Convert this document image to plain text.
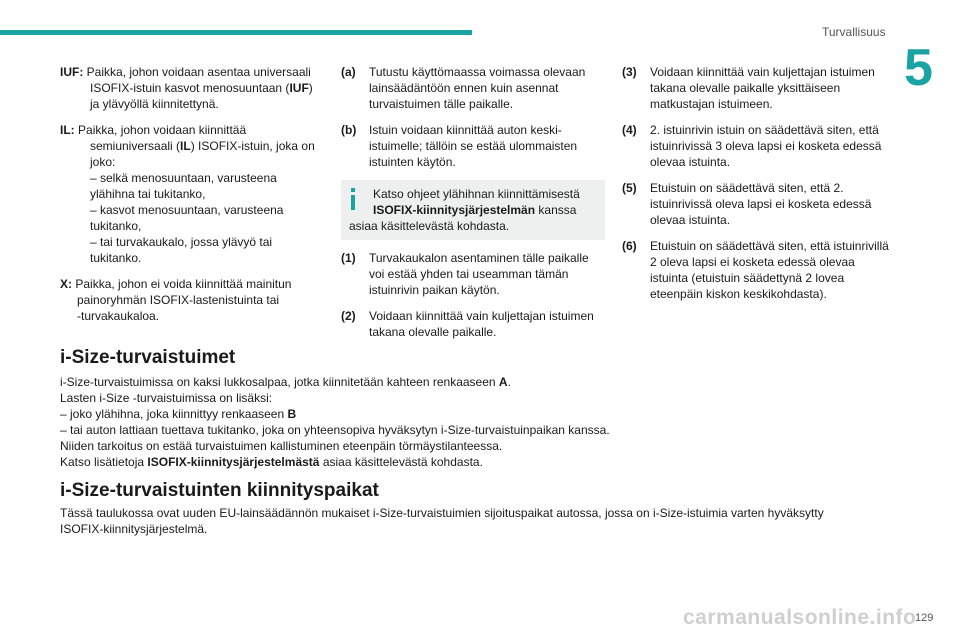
Turvallisuus
5
IUF: Paikka, johon voidaan asentaa universaali
ISOFIX-istuin kasvot menosuuntaan (IUF)
ja ylävyöllä kiinnitettynä.
IL: Paikka, johon voidaan kiinnittää
semiuniversaali (IL) ISOFIX-istuin, joka on
joko:
– selkä menosuuntaan, varusteena
ylähihna tai tukitanko,
– kasvot menosuuntaan, varusteena
tukitanko,
– tai turvakaukalo, jossa ylävyö tai
tukitanko.
X: Paikka, johon ei voida kiinnittää mainitun
painoryhmän ISOFIX-lastenistuinta tai
-turvakaukaloa.
(a) Tutustu käyttömaassa voimassa olevaan lainsäädäntöön ennen kuin asennat turvaistuimen tälle paikalle.
(b) Istuin voidaan kiinnittää auton keski-istuimelle; tällöin se estää ulommaisten istuinten käytön.
Katso ohjeet ylähihnan kiinnittämisestä
ISOFIX-kiinnitysjärjestelmän kanssa
asiaa käsittelevästä kohdasta.
(1) Turvakaukalon asentaminen tälle paikalle voi estää yhden tai useamman tämän istuinrivin paikan käytön.
(2) Voidaan kiinnittää vain kuljettajan istuimen takana olevalle paikalle.
(3) Voidaan kiinnittää vain kuljettajan istuimen takana olevalle paikalle yksittäiseen matkustajan istuimeen.
(4) 2. istuinrivin istuin on säädettävä siten, että istuinrivissä 3 oleva lapsi ei kosketa edessä olevaa istuinta.
(5) Etuistuin on säädettävä siten, että 2. istuinrivissä oleva lapsi ei kosketa edessä olevaa istuinta.
(6) Etuistuin on säädettävä siten, että istuinrivillä 2 oleva lapsi ei kosketa edessä olevaa istuinta (etuistuin säädettynä 2 lovea eteenpäin kiskon keskikohdasta).
i-Size-turvaistuimet
i-Size-turvaistuimissa on kaksi lukkosalpaa, jotka kiinnitetään kahteen renkaaseen A.
Lasten i-Size -turvaistuimissa on lisäksi:
– joko ylähihna, joka kiinnittyy renkaaseen B
– tai auton lattiaan tuettava tukitanko, joka on yhteensopiva hyväksytyn i-Size-turvaistuinpaikan kanssa.
Niiden tarkoitus on estää turvaistuimen kallistuminen eteenpäin törmäystilanteessa.
Katso lisätietoja ISOFIX-kiinnitysjärjestelmästä asiaa käsittelevästä kohdasta.
i-Size-turvaistuinten kiinnityspaikat
Tässä taulukossa ovat uuden EU-lainsäädännön mukaiset i-Size-turvaistuimien sijoituspaikat autossa, jossa on i-Size-istuimia varten hyväksytty
ISOFIX-kiinnitysjärjestelmä.
carmanualsonline.info
129
